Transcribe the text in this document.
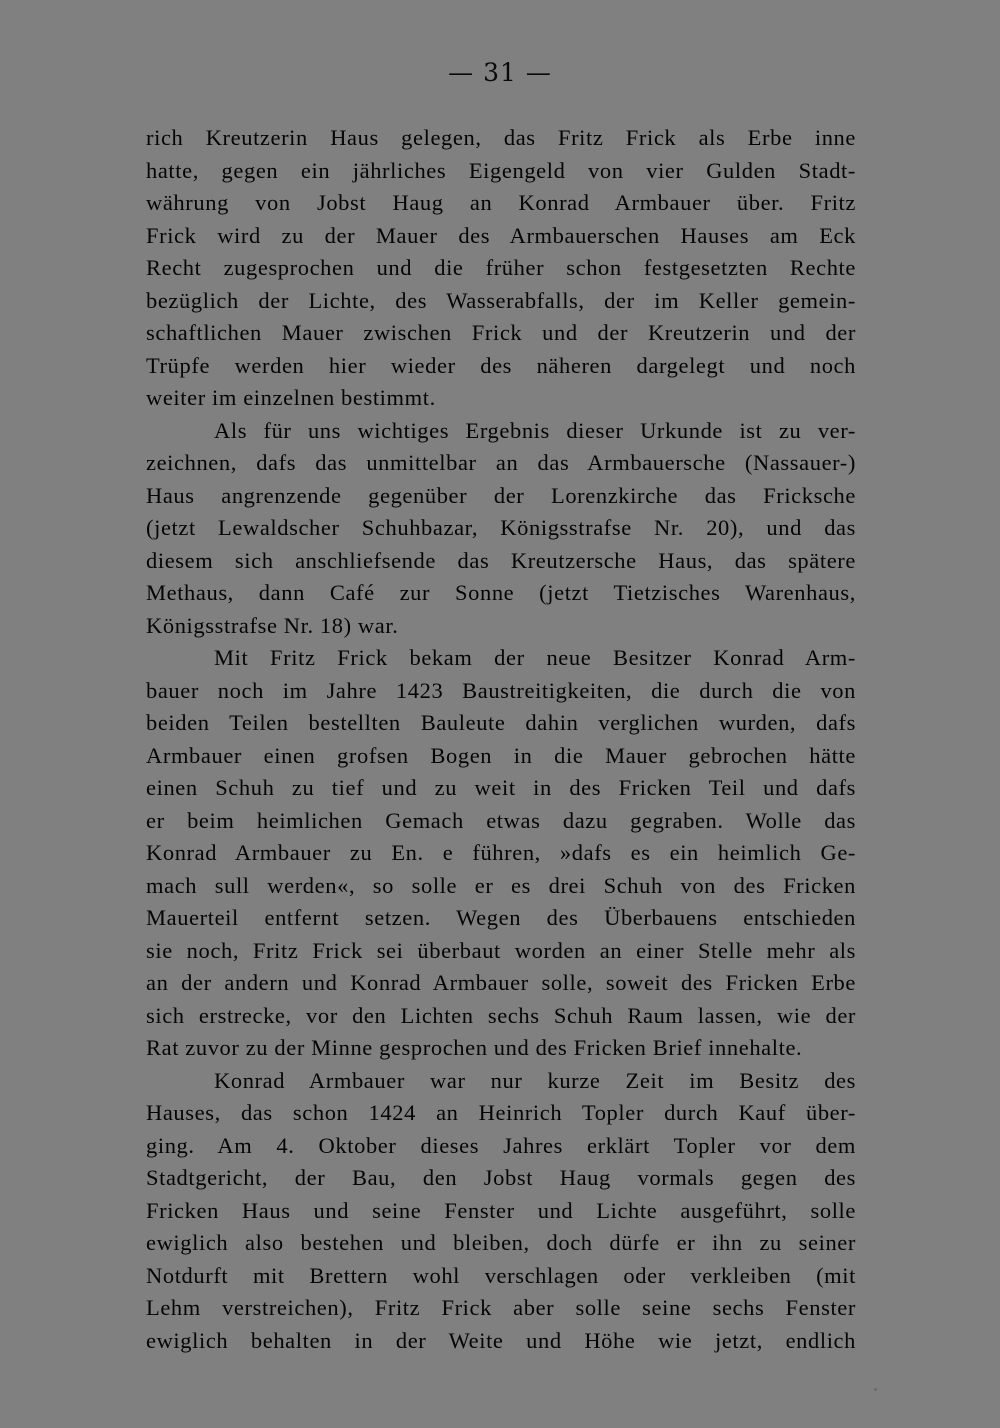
— 31 —
rich Kreutzerin Haus gelegen, das Fritz Frick als Erbe inne
hatte, gegen ein jährliches Eigengeld von vier Gulden Stadt-
währung von Jobst Haug an Konrad Armbauer über. Fritz
Frick wird zu der Mauer des Armbauerschen Hauses am Eck
Recht zugesprochen und die früher schon festgesetzten Rechte
bezüglich der Lichte, des Wasserabfalls, der im Keller gemein-
schaftlichen Mauer zwischen Frick und der Kreutzerin und der
Trüpfe werden hier wieder des näheren dargelegt und noch
weiter im einzelnen bestimmt.
Als für uns wichtiges Ergebnis dieser Urkunde ist zu ver-
zeichnen, dafs das unmittelbar an das Armbauersche (Nassauer-)
Haus angrenzende gegenüber der Lorenzkirche das Fricksche
(jetzt Lewaldscher Schuhbazar, Königsstrafse Nr. 20), und das
diesem sich anschliefsende das Kreutzersche Haus, das spätere
Methaus, dann Café zur Sonne (jetzt Tietzisches Warenhaus,
Königsstrafse Nr. 18) war.
Mit Fritz Frick bekam der neue Besitzer Konrad Arm-
bauer noch im Jahre 1423 Baustreitigkeiten, die durch die von
beiden Teilen bestellten Bauleute dahin verglichen wurden, dafs
Armbauer einen grofsen Bogen in die Mauer gebrochen hätte
einen Schuh zu tief und zu weit in des Fricken Teil und dafs
er beim heimlichen Gemach etwas dazu gegraben. Wolle das
Konrad Armbauer zu En. e führen, »dafs es ein heimlich Ge-
mach sull werden«, so solle er es drei Schuh von des Fricken
Mauerteil entfernt setzen. Wegen des Überbauens entschieden
sie noch, Fritz Frick sei überbaut worden an einer Stelle mehr als
an der andern und Konrad Armbauer solle, soweit des Fricken Erbe
sich erstrecke, vor den Lichten sechs Schuh Raum lassen, wie der
Rat zuvor zu der Minne gesprochen und des Fricken Brief innehalte.
Konrad Armbauer war nur kurze Zeit im Besitz des
Hauses, das schon 1424 an Heinrich Topler durch Kauf über-
ging. Am 4. Oktober dieses Jahres erklärt Topler vor dem
Stadtgericht, der Bau, den Jobst Haug vormals gegen des
Fricken Haus und seine Fenster und Lichte ausgeführt, solle
ewiglich also bestehen und bleiben, doch dürfe er ihn zu seiner
Notdurft mit Brettern wohl verschlagen oder verkleiben (mit
Lehm verstreichen), Fritz Frick aber solle seine sechs Fenster
ewiglich behalten in der Weite und Höhe wie jetzt, endlich
